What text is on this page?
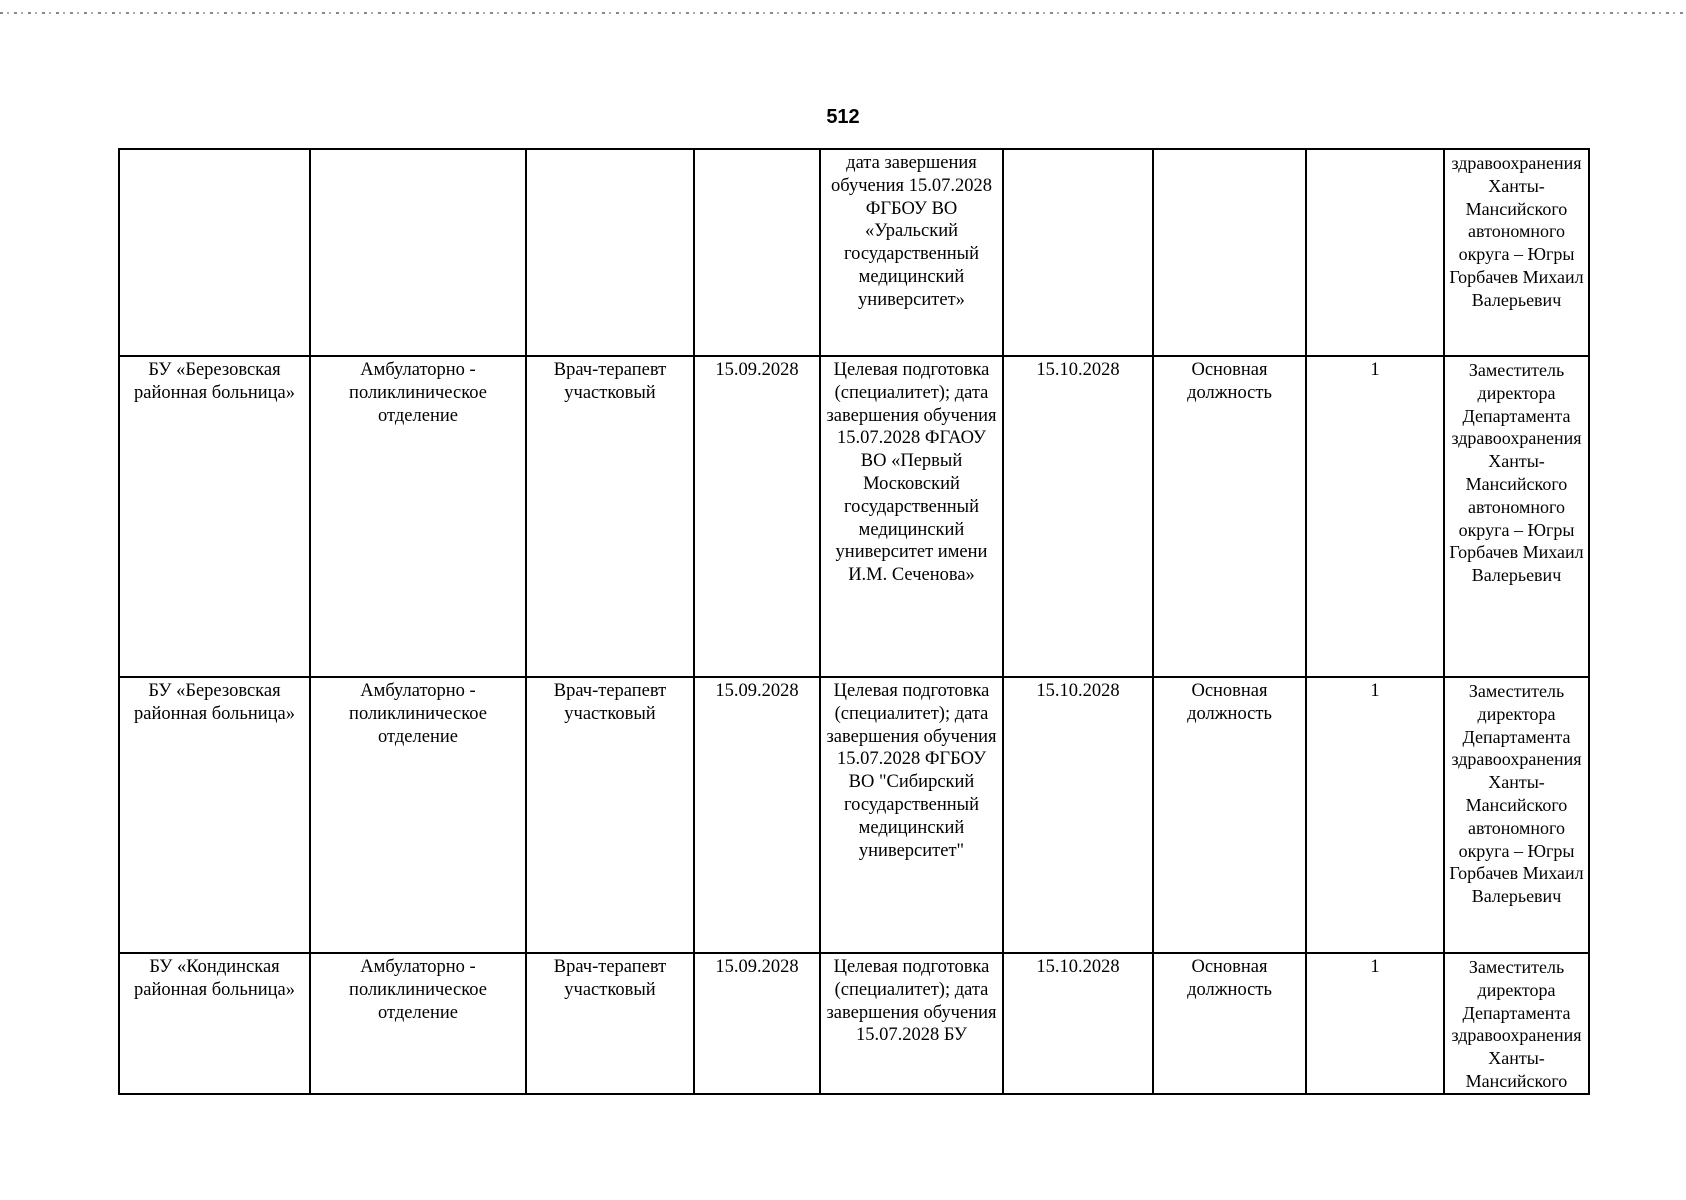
512
				дата завершения обучения 15.07.2028 ФГБОУ ВО «Уральский государственный медицинский университет»				здравоохранения Ханты-Мансийского автономного округа – Югры Горбачев Михаил Валерьевич
БУ «Березовская районная больница»	Амбулаторно - поликлиническое отделение	Врач-терапевт участковый	15.09.2028	Целевая подготовка (специалитет); дата завершения обучения 15.07.2028 ФГАОУ ВО «Первый Московский государственный медицинский университет имени И.М. Сеченова»	15.10.2028	Основная должность	1	Заместитель директора Департамента здравоохранения Ханты-Мансийского автономного округа – Югры Горбачев Михаил Валерьевич
БУ «Березовская районная больница»	Амбулаторно - поликлиническое отделение	Врач-терапевт участковый	15.09.2028	Целевая подготовка (специалитет); дата завершения обучения 15.07.2028 ФГБОУ ВО "Сибирский государственный медицинский университет"	15.10.2028	Основная должность	1	Заместитель директора Департамента здравоохранения Ханты-Мансийского автономного округа – Югры Горбачев Михаил Валерьевич
БУ «Кондинская районная больница»	Амбулаторно - поликлиническое отделение	Врач-терапевт участковый	15.09.2028	Целевая подготовка (специалитет); дата завершения обучения 15.07.2028 БУ	15.10.2028	Основная должность	1	Заместитель директора Департамента здравоохранения Ханты-Мансийского
